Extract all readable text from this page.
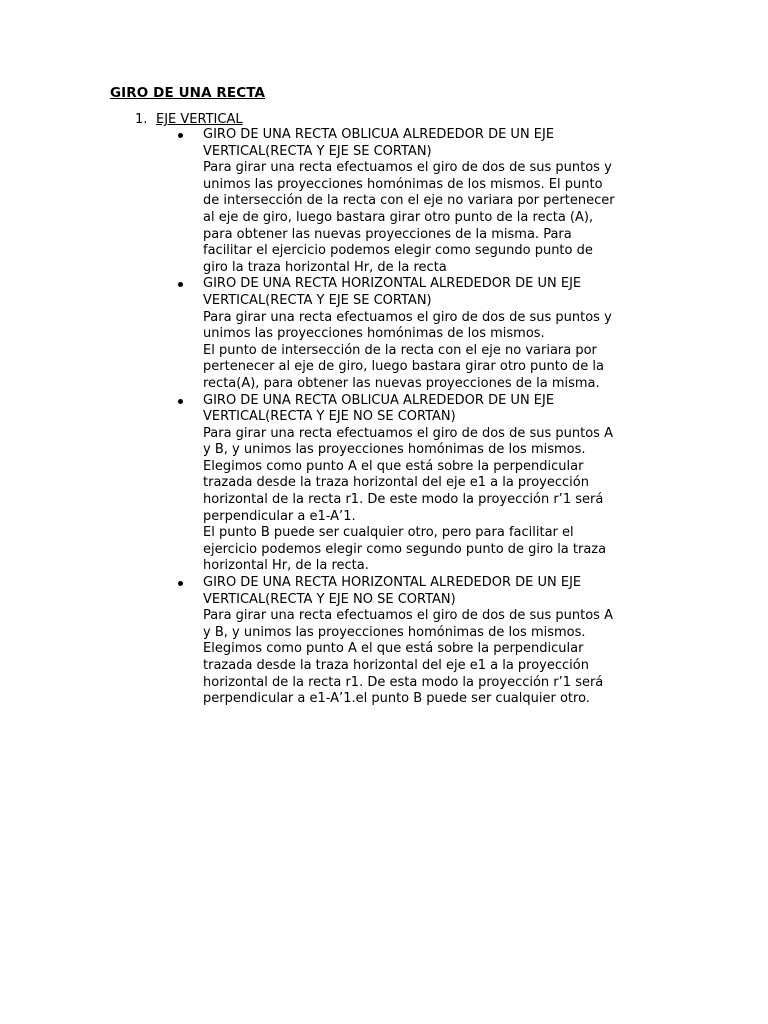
GIRO DE UNA RECTA
1. EJE VERTICAL
GIRO DE UNA RECTA OBLICUA ALREDEDOR DE UN EJE
VERTICAL(RECTA Y EJE SE CORTAN)
Para girar una recta efectuamos el giro de dos de sus puntos y
unimos las proyecciones homónimas de los mismos. El punto
de intersección de la recta con el eje no variara por pertenecer
al eje de giro, luego bastara girar otro punto de la recta (A),
para obtener las nuevas proyecciones de la misma. Para
facilitar el ejercicio podemos elegir como segundo punto de
giro la traza horizontal Hr, de la recta
GIRO DE UNA RECTA HORIZONTAL ALREDEDOR DE UN EJE
VERTICAL(RECTA Y EJE SE CORTAN)
Para girar una recta efectuamos el giro de dos de sus puntos y
unimos las proyecciones homónimas de los mismos.
El punto de intersección de la recta con el eje no variara por
pertenecer al eje de giro, luego bastara girar otro punto de la
recta(A), para obtener las nuevas proyecciones de la misma.
GIRO DE UNA RECTA OBLICUA ALREDEDOR DE UN EJE
VERTICAL(RECTA Y EJE NO SE CORTAN)
Para girar una recta efectuamos el giro de dos de sus puntos A
y B, y unimos las proyecciones homónimas de los mismos.
Elegimos como punto A el que está sobre la perpendicular
trazada desde la traza horizontal del eje e1 a la proyección
horizontal de la recta r1. De este modo la proyección r’1 será
perpendicular a e1-A’1.
El punto B puede ser cualquier otro, pero para facilitar el
ejercicio podemos elegir como segundo punto de giro la traza
horizontal Hr, de la recta.
GIRO DE UNA RECTA HORIZONTAL ALREDEDOR DE UN EJE
VERTICAL(RECTA Y EJE NO SE CORTAN)
Para girar una recta efectuamos el giro de dos de sus puntos A
y B, y unimos las proyecciones homónimas de los mismos.
Elegimos como punto A el que está sobre la perpendicular
trazada desde la traza horizontal del eje e1 a la proyección
horizontal de la recta r1. De esta modo la proyección r’1 será
perpendicular a e1-A’1.el punto B puede ser cualquier otro.
